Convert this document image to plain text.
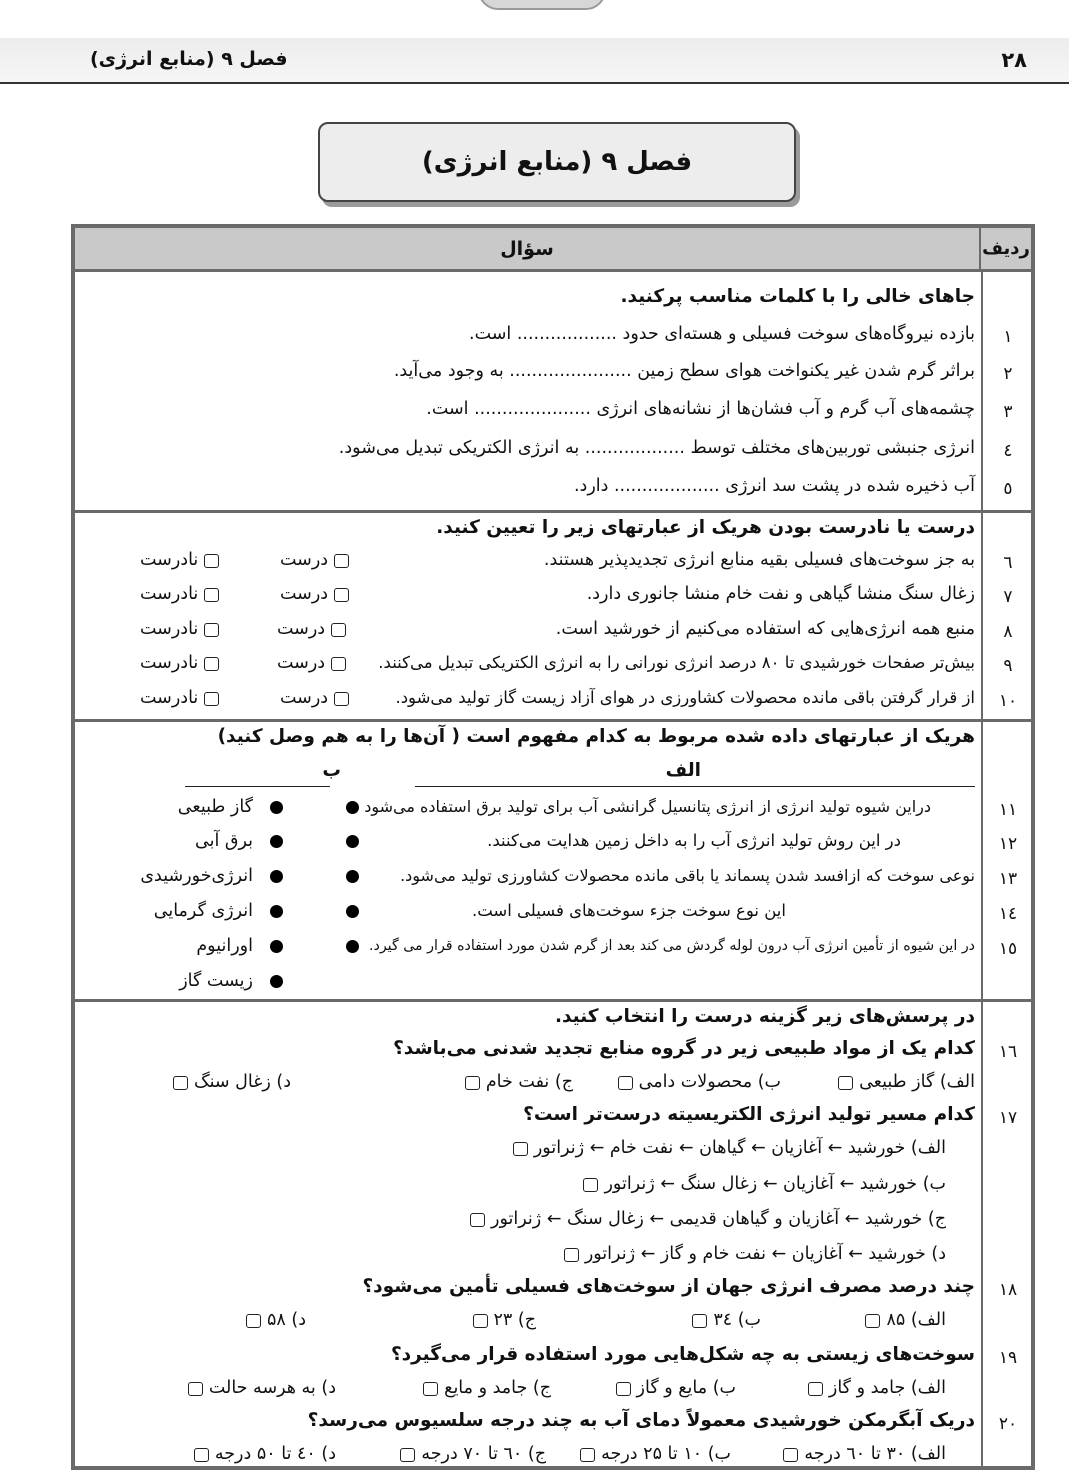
۲۸
فصل ۹ (منابع انرژی)
فصل ۹ (منابع انرژی)
ردیف
سؤال
جاهای خالی را با کلمات مناسب پرکنید.
۱
بازده نیروگاه‌های سوخت فسیلی و هسته‌ای حدود .................. است.
۲
براثر گرم شدن غیر یکنواخت هوای سطح زمین ...................... به وجود می‌آید.
۳
چشمه‌های آب گرم و آب فشان‌ها از نشانه‌های انرژی ..................... است.
٤
انرژی جنبشی توربین‌های مختلف توسط .................. به انرژی الکتریکی تبدیل می‌شود.
٥
آب ذخیره شده در پشت سد انرژی ................... دارد.
درست یا نادرست بودن هریک از عبارتهای زیر را تعیین کنید.
٦
به جز سوخت‌های فسیلی بقیه منابع انرژی تجدیدپذیر هستند.
درست
نادرست
٧
زغال سنگ منشا گیاهی و نفت خام منشا جانوری دارد.
درست
نادرست
٨
منبع همه انرژی‌هایی که استفاده می‌کنیم از خورشید است.
درست
نادرست
٩
بیش‌تر صفحات خورشیدی تا ۸۰ درصد انرژی نورانی را به انرژی الکتریکی تبدیل می‌کنند.
درست
نادرست
۱۰
از قرار گرفتن باقی مانده محصولات کشاورزی در هوای آزاد زیست گاز تولید می‌شود.
درست
نادرست
هریک از عبارتهای داده شده مربوط به کدام مفهوم است ( آن‌ها را به هم وصل کنید)
الف
ب
۱۱
دراین شیوه تولید انرژی از انرژی پتانسیل گرانشی آب برای تولید برق استفاده می‌شود
گاز طبیعی
۱۲
در این روش تولید انرژی آب را به داخل زمین هدایت می‌کنند.
برق آبی
۱۳
نوعی سوخت که ازافسد شدن پسماند یا باقی مانده محصولات کشاورزی تولید می‌شود.
انرژی‌خورشیدی
۱٤
این نوع سوخت جزء سوخت‌های فسیلی است.
انرژی گرمایی
۱٥
در این شیوه از تأمین انرژی آب درون لوله گردش می کند بعد از گرم شدن مورد استفاده قرار می گیرد.
اورانیوم
زیست گاز
در پرسش‌های زیر گزینه درست را انتخاب کنید.
۱٦
کدام یک از مواد طبیعی زیر در گروه منابع تجدید شدنی می‌باشد؟
الف) گاز طبیعی
ب) محصولات دامی
ج) نفت خام
د) زغال سنگ
۱۷
کدام مسیر تولید انرژی الکتریسیته درست‌تر است؟
الف) خورشید ← آغازیان ← گیاهان ← نفت خام ← ژنراتور
ب) خورشید ← آغازیان ← زغال سنگ ← ژنراتور
ج) خورشید ← آغازیان و گیاهان قدیمی ← زغال سنگ ← ژنراتور
د) خورشید ← آغازیان ← نفت خام و گاز ← ژنراتور
۱۸
چند درصد مصرف انرژی جهان از سوخت‌های فسیلی تأمین می‌شود؟
الف) ۸۵
ب) ۳٤
ج) ۲۳
د) ۵۸
۱۹
سوخت‌های زیستی به چه شکل‌هایی مورد استفاده قرار می‌گیرد؟
الف) جامد و گاز
ب) مایع و گاز
ج) جامد و مایع
د) به هرسه حالت
۲۰
دریک آبگرمکن خورشیدی معمولاً دمای آب به چند درجه سلسیوس می‌رسد؟
الف) ۳۰ تا ٦۰ درجه
ب) ۱۰ تا ۲۵ درجه
ج) ٦۰ تا ۷۰ درجه
د) ٤۰ تا ۵۰ درجه
